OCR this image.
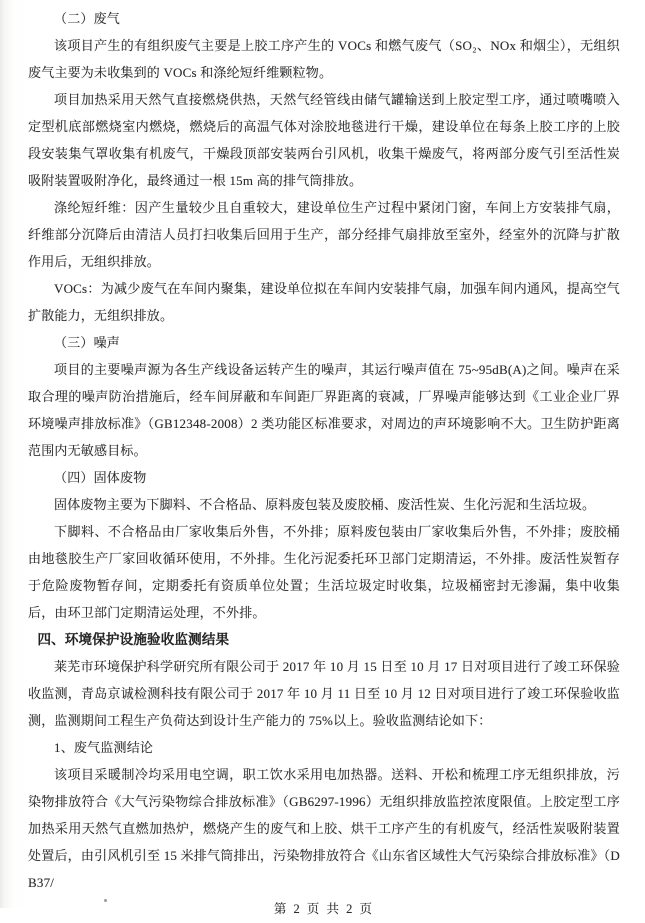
（二）废气

该项目产生的有组织废气主要是上胶工序产生的 VOCs 和燃气废气（SO₂、NOx 和烟尘），无组织废气主要为未收集到的 VOCs 和涤纶短纤维颗粒物。

项目加热采用天然气直接燃烧供热，天然气经管线由储气罐输送到上胶定型工序，通过喷嘴喷入定型机底部燃烧室内燃烧，燃烧后的高温气体对涂胶地毯进行干燥，建设单位在每条上胶工序的上胶段安装集气罩收集有机废气，干燥段顶部安装两台引风机，收集干燥废气，将两部分废气引至活性炭吸附装置吸附净化，最终通过一根 15m 高的排气筒排放。

涤纶短纤维：因产生量较少且自重较大，建设单位生产过程中紧闭门窗，车间上方安装排气扇，纤维部分沉降后由清洁人员打扫收集后回用于生产，部分经排气扇排放至室外，经室外的沉降与扩散作用后，无组织排放。

VOCs：为减少废气在车间内聚集，建设单位拟在车间内安装排气扇，加强车间内通风，提高空气扩散能力，无组织排放。

（三）噪声

项目的主要噪声源为各生产线设备运转产生的噪声，其运行噪声值在 75~95dB(A)之间。噪声在采取合理的噪声防治措施后，经车间屏蔽和车间距厂界距离的衰减，厂界噪声能够达到《工业企业厂界环境噪声排放标准》（GB12348-2008）2 类功能区标准要求，对周边的声环境影响不大。卫生防护距离范围内无敏感目标。

（四）固体废物

固体废物主要为下脚料、不合格品、原料废包装及废胶桶、废活性炭、生化污泥和生活垃圾。

下脚料、不合格品由厂家收集后外售，不外排；原料废包装由厂家收集后外售，不外排；废胶桶由地毯胶生产厂家回收循环使用，不外排。生化污泥委托环卫部门定期清运，不外排。废活性炭暂存于危险废物暂存间，定期委托有资质单位处置；生活垃圾定时收集，垃圾桶密封无渗漏，集中收集后，由环卫部门定期清运处理，不外排。

四、环境保护设施验收监测结果

莱芜市环境保护科学研究所有限公司于 2017 年 10 月 15 日至 10 月 17 日对项目进行了竣工环保验收监测，青岛京诚检测科技有限公司于 2017 年 10 月 11 日至 10 月 12 日对项目进行了竣工环保验收监测，监测期间工程生产负荷达到设计生产能力的 75%以上。验收监测结论如下：

1、废气监测结论

该项目采暖制冷均采用电空调，职工饮水采用电加热器。送料、开松和梳理工序无组织排放，污染物排放符合《大气污染物综合排放标准》（GB6297-1996）无组织排放监控浓度限值。上胶定型工序加热采用天然气直燃加热炉，燃烧产生的废气和上胶、烘干工序产生的有机废气，经活性炭吸附装置处置后，由引风机引至 15 米排气筒排出，污染物排放符合《山东省区域性大气污染综合排放标准》（DB37/

第 2 页 共 2 页
